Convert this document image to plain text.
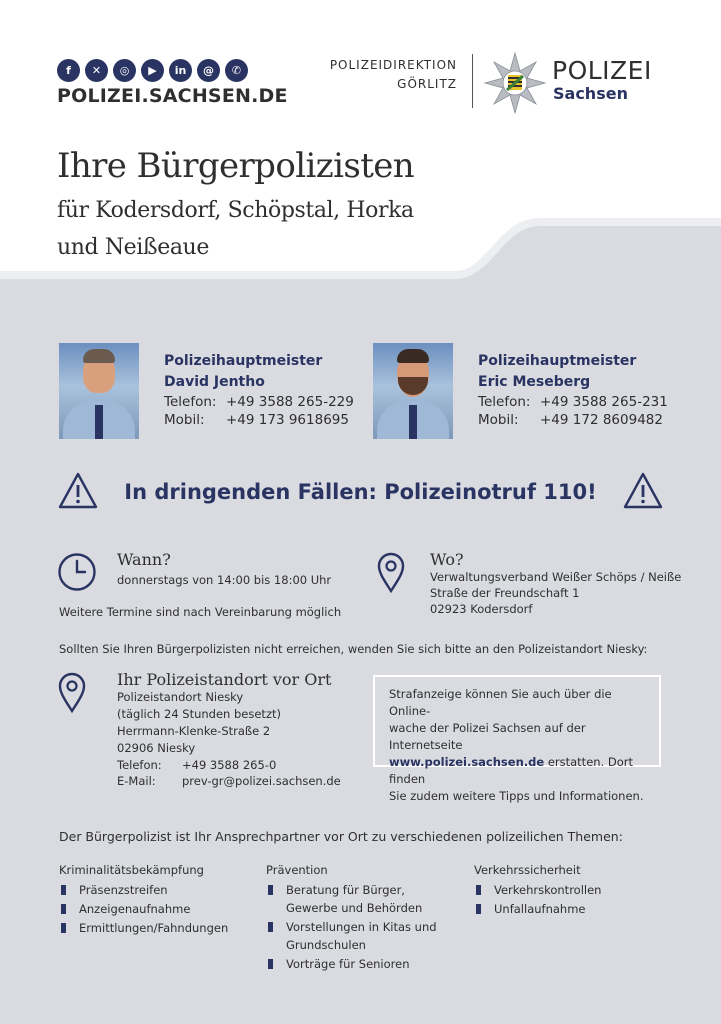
f	✕	◎	▶	in	@	✆
POLIZEI.SACHSEN.DE
POLIZEIDIREKTION
GÖRLITZ	POLIZEI
Sachsen
Ihre Bürgerpolizisten
für Kodersdorf, Schöpstal, Horka
und Neißeaue
Polizeihauptmeister
David Jentho
Telefon: +49 3588 265-229
Mobil: +49 173 9618695
Polizeihauptmeister
Eric Meseberg
Telefon: +49 3588 265-231
Mobil: +49 172 8609482
In dringenden Fällen: Polizeinotruf 110!
Wann?
donnerstags von 14:00 bis 18:00 Uhr
Weitere Termine sind nach Vereinbarung möglich
Wo?
Verwaltungsverband Weißer Schöps / Neiße
Straße der Freundschaft 1
02923 Kodersdorf
Sollten Sie Ihren Bürgerpolizisten nicht erreichen, wenden Sie sich bitte an den Polizeistandort Niesky:
Ihr Polizeistandort vor Ort
Polizeistandort Niesky
(täglich 24 Stunden besetzt)
Herrmann-Klenke-Straße 2
02906 Niesky
Telefon: +49 3588 265-0
E-Mail: prev-gr@polizei.sachsen.de
Strafanzeige können Sie auch über die Online-
wache der Polizei Sachsen auf der Internetseite
www.polizei.sachsen.de erstatten. Dort finden
Sie zudem weitere Tipps und Informationen.
Der Bürgerpolizist ist Ihr Ansprechpartner vor Ort zu verschiedenen polizeilichen Themen:
Kriminalitätsbekämpfung
Präsenzstreifen
Anzeigenaufnahme
Ermittlungen/Fahndungen
Prävention
Beratung für Bürger, Gewerbe und Behörden
Vorstellungen in Kitas und Grundschulen
Vorträge für Senioren
Verkehrssicherheit
Verkehrskontrollen
Unfallaufnahme
